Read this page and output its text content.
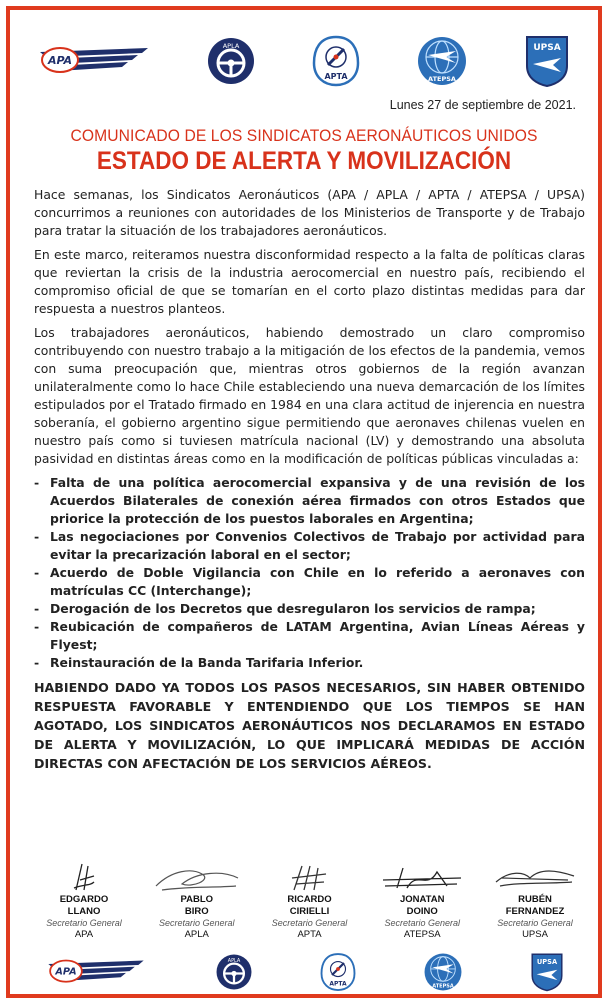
APA
APLA
APTA	ATEPSA
UPSA
Lunes 27 de septiembre de 2021.
COMUNICADO DE LOS SINDICATOS AERONÁUTICOS UNIDOS
ESTADO DE ALERTA Y MOVILIZACIÓN

Hace semanas, los Sindicatos Aeronáuticos (APA / APLA / APTA / ATEPSA / UPSA) concurrimos a reuniones con autoridades de los Ministerios de Transporte y de Trabajo para tratar la situación de los trabajadores aeronáuticos.

En este marco, reiteramos nuestra disconformidad respecto a la falta de políticas claras que reviertan la crisis de la industria aerocomercial en nuestro país, recibiendo el compromiso oficial de que se tomarían en el corto plazo distintas medidas para dar respuesta a nuestros planteos.

Los trabajadores aeronáuticos, habiendo demostrado un claro compromiso contribuyendo con nuestro trabajo a la mitigación de los efectos de la pandemia, vemos con suma preocupación que, mientras otros gobiernos de la región avanzan unilateralmente como lo hace Chile estableciendo una nueva demarcación de los límites estipulados por el Tratado firmado en 1984 en una clara actitud de injerencia en nuestra soberanía, el gobierno argentino sigue permitiendo que aeronaves chilenas vuelen en nuestro país como si tuviesen matrícula nacional (LV) y demostrando una absoluta pasividad en distintas áreas como en la modificación de políticas públicas vinculadas a:

- Falta de una política aerocomercial expansiva y de una revisión de los Acuerdos Bilaterales de conexión aérea firmados con otros Estados que priorice la protección de los puestos laborales en Argentina;
- Las negociaciones por Convenios Colectivos de Trabajo por actividad para evitar la precarización laboral en el sector;
- Acuerdo de Doble Vigilancia con Chile en lo referido a aeronaves con matrículas CC (Interchange);
- Derogación de los Decretos que desregularon los servicios de rampa;
- Reubicación de compañeros de LATAM Argentina, Avian Líneas Aéreas y Flyest;
- Reinstauración de la Banda Tarifaria Inferior.

HABIENDO DADO YA TODOS LOS PASOS NECESARIOS, SIN HABER OBTENIDO RESPUESTA FAVORABLE Y ENTENDIENDO QUE LOS TIEMPOS SE HAN AGOTADO, LOS SINDICATOS AERONÁUTICOS NOS DECLARAMOS EN ESTADO DE ALERTA Y MOVILIZACIÓN, LO QUE IMPLICARÁ MEDIDAS DE ACCIÓN DIRECTAS CON AFECTACIÓN DE LOS SERVICIOS AÉREOS.

EDGARDO
LLANO
Secretario General
APA
PABLO
BIRO
Secretario General
APLA
RICARDO
CIRIELLI
Secretario General
APTA
JONATAN
DOINO
Secretario General
ATEPSA
RUBÉN
FERNANDEZ
Secretario General
UPSA
APA
APLA
APTA	ATEPSA
UPSA
